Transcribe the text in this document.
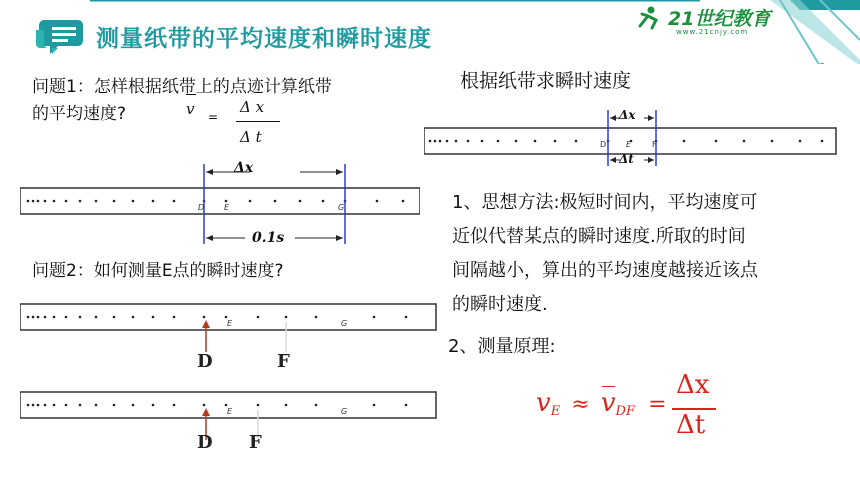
测量纸带的平均速度和瞬时速度
21世纪教育
www.21cnjy.com
问题1：怎样根据纸带上的点迹计算纸带
的平均速度?	v =
Δ x
Δ t
Δx
0.1s
D E	G
问题2：如何测量E点的瞬时速度?
E	G
D	F
E	G
D F
根据纸带求瞬时速度
Δx
Δt
D E	F
1、思想方法:极短时间内，平均速度可
近似代替某点的瞬时速度.所取的时间
间隔越小，算出的平均速度越接近该点
的瞬时速度.
2、测量原理:
$v_E \approx v_{DF}$ =
Δx
Δt
